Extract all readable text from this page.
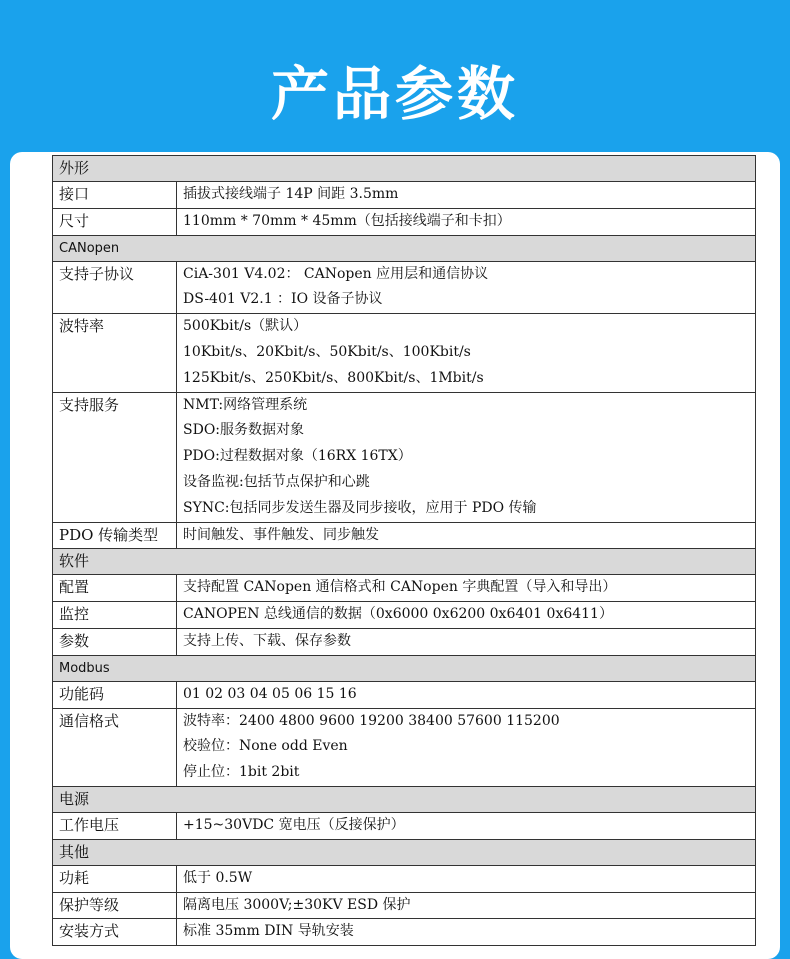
产品参数
外形	
接口	插拔式接线端子 14P 间距 3.5mm

尺寸	110mm * 70mm * 45mm（包括接线端子和卡扣）

CANopen	
支持子协议	CiA-301 V4.02： CANopen 应用层和通信协议
DS-401 V2.1 ：IO 设备子协议

波特率	500Kbit/s（默认）
10Kbit/s、20Kbit/s、50Kbit/s、100Kbit/s
125Kbit/s、250Kbit/s、800Kbit/s、1Mbit/s

支持服务	NMT:网络管理系统
SDO:服务数据对象
PDO:过程数据对象（16RX 16TX）
设备监视:包括节点保护和心跳
SYNC:包括同步发送生器及同步接收，应用于 PDO 传输

PDO 传输类型	时间触发、事件触发、同步触发

软件	
配置	支持配置 CANopen 通信格式和 CANopen 字典配置（导入和导出）

监控	CANOPEN 总线通信的数据（0x6000 0x6200 0x6401 0x6411）

参数	支持上传、下载、保存参数

Modbus	
功能码	01 02 03 04 05 06 15 16

通信格式	波特率：2400 4800 9600 19200 38400 57600 115200
校验位：None odd Even
停止位：1bit 2bit

电源	
工作电压	+15~30VDC 宽电压（反接保护）

其他	
功耗	低于 0.5W

保护等级	隔离电压 3000V;±30KV ESD 保护

安装方式	标准 35mm DIN 导轨安装
